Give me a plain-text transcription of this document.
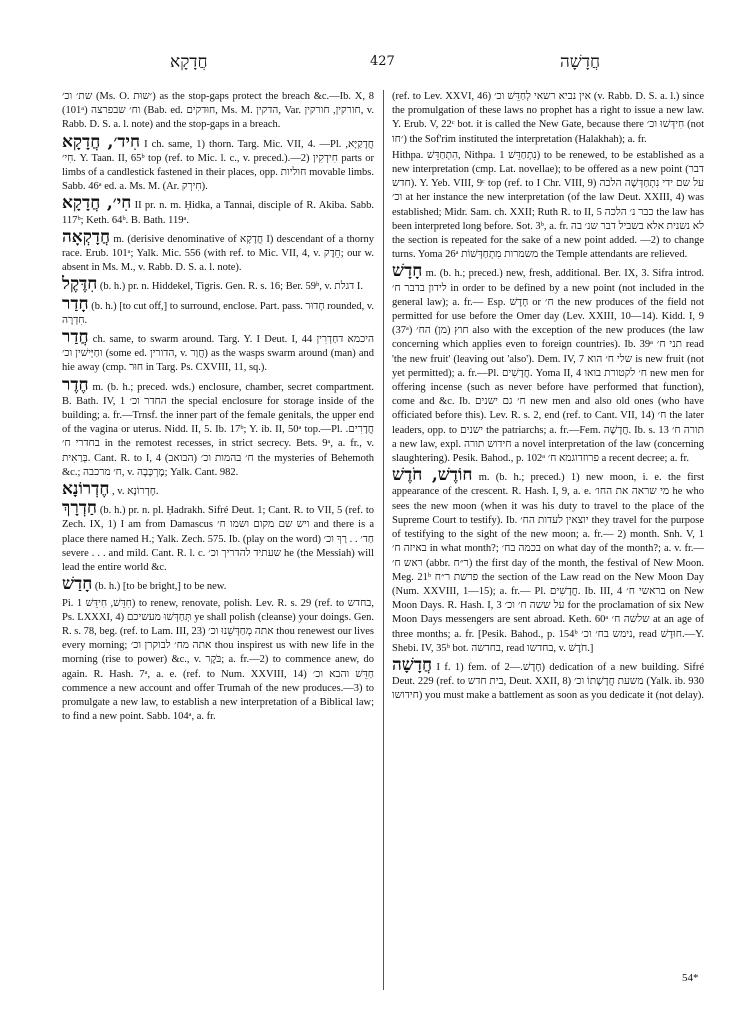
חֲדָקָא	427	חֲדָשָׁה

שת׳ וכ׳ (Ms. O. ׳שוּת) as the stop-gaps protect the breach &c.—Ib. X, 8 (101ᵃ) וח׳ שבפרצה (Bab. ed. חוּדקים, Ms. M. הדקין, Var. חורקין, חורקין, v. Rabb. D. S. a. l. note) and the stop-gaps in a breach.

חִיד׳, חֲדָקָא I ch. same, 1) thorn. Targ. Mic. VII, 4. —Pl. חֲדָקַיָּא, חִי׳. Y. Taan. II, 65ᵇ top (ref. to Mic. l. c., v. preced.).—2) חִידְקִין parts or limbs of a candlestick fastened in their places, opp. חוליות movable limbs. Sabb. 46ᵃ ed. a. Ms. M. (Ar. חִירְק).

חִי׳, חֲדָקָא II pr. n. m. Ḥidka, a Tannai, disciple of R. Akiba. Sabb. 117ᵇ; Keth. 64ᵇ. B. Bath. 119ᵃ.

חֲדָקְאָה m. (derisive denominative of חֲדָקָא I) descendant of a thorny race. Erub. 101ᵃ; Yalk. Mic. 556 (with ref. to Mic. VII, 4, v. חֵדֶק; our w. absent in Ms. M., v. Rabb. D. S. a. l. note).

חִדֶּקֶל (b. h.) pr. n. Hiddekel, Tigris. Gen. R. s. 16; Ber. 59ᵇ, v. דגלת I.

חָדַר (b. h.) [to cut off,] to surround, enclose. Part. pass. חָדוּר rounded, v. חִדְרָה.

חֲדַר ch. same, to swarm around. Targ. Y. I Deut. I, 44 היכמא דחַדְרִין וחַיְּישׁין וכ׳ (some ed. הדורין, v. חֲוַר) as the wasps swarm around (man) and hie away (cmp. חוּר in Targ. Ps. CXVIII, 11, sq.).

חֶדֶר m. (b. h.; preced. wds.) enclosure, chamber, secret compartment. B. Bath. IV, 1 החדר וכ׳ the special enclosure for storage inside of the building; a. fr.—Trnsf. the inner part of the female genitals, the upper end of the vagina or uterus. Nidd. II, 5. Ib. 17ᵇ; Y. ib. II, 50ᵃ top.—Pl. חֲדָרִים. בחדרי ח׳ in the remotest recesses, in strict secrecy. Bets. 9ᵃ, a. fr., v. בְּרַאִית. Cant. R. to I, 4 ח׳ בהמות וכ׳ (הבואב) the mysteries of Behemoth &c.; ח׳ מרכבה, v. מֶרְכָּבָה; Yalk. Cant. 982.

חֶדְרוֹנָא , v. חֶדְרוֹנָא.

חַדְרָךְ (b. h.) pr. n. pl. Ḥadrakh. Sifré Deut. 1; Cant. R. to VII, 5 (ref. to Zech. IX, 1) I am from Damascus ויש שם מקום ושמו ח׳ and there is a place there named H.; Yalk. Zech. 575. Ib. (play on the word) חַד׳ . . רַךְ וכ׳ severe . . . and mild. Cant. R. l. c. שעתיד להדריך וכ׳ he (the Messiah) will lead the entire world &c.

חָדַשׁ (b. h.) [to be bright,] to be new.

Pi. חִדֵּשׁ, חִידֵּשׁ 1) to renew, renovate, polish. Lev. R. s. 29 (ref. to בחדש, Ps. LXXXI, 4) תְּחַדְּשׁוּ מעשיכם ye shall polish (cleanse) your doings. Gen. R. s. 78, beg. (ref. to Lam. III, 23) אתה מְחַדְּשֵׁנוּ וכ׳ thou renewest our lives every morning; אתה מח׳ לבוקרן וכ׳ thou inspirest us with new life in the morning (rise to power) &c., v. בֹּקֶר; a. fr.—2) to commence anew, do again. R. Hash. 7ᵃ, a. e. (ref. to Num. XXVIII, 14) חַדֵּשׁ והבא וכ׳ commence a new account and offer Trumah of the new produces.—3) to promulgate a new law, to establish a new interpretation of a Biblical law; to find a new point. Sabb. 104ᵃ, a. fr.

(ref. to Lev. XXVI, 46) אין נביא רשאי לְחַדֵּשׁ וכ׳ (v. Rabb. D. S. a. l.) since the promulgation of these laws no prophet has a right to issue a new law. Y. Erub. V, 22ᶜ bot. it is called the New Gate, because there חִידְּשׁוּ וכ׳ (not ׳חו) the Sof'rim instituted the interpretation (Halakhah); a. fr.

Hithpa. הִתְחַדֵּשׁ, Nithpa. נִתְחַדֵּשׁ 1) to be renewed, to be established as a new interpretation (cmp. Lat. novellae); to be offered as a new point (דבר חדש). Y. Yeb. VIII, 9ᶜ top (ref. to I Chr. VIII, 9) על שם ידי נִתְחַדְּשָׁה הלכה וכ׳ at her instance the new interpretation (of the law Deut. XXIII, 4) was established; Midr. Sam. ch. XXII; Ruth R. to II, 5 כבר נ׳ הלכה the law has been interpreted long before. Sot. 3ᵇ, a. fr. לא נשנית אלא בשביל דבר שנ׳ בה the section is repeated for the sake of a new point added. —2) to change turns. Yoma 26ᵃ משמרות מִתְחַדְּשׁוֹת the Temple attendants are relieved.

חָדָשׁ m. (b. h.; preced.) new, fresh, additional. Ber. IX, 3. Sifra introd. לידון בדבר ח׳ in order to be defined by a new point (not included in the general law); a. fr.— Esp. חָדָשׁ or ח׳ the new produces of the field not permitted for use before the Omer day (Lev. XXIII, 10—14). Kidd. I, 9 (37ᵃ) חוץ (מן) הח׳ also with the exception of the new produces (the law concerning which applies even to foreign countries). Ib. 39ᵃ תני ח׳ read 'the new fruit' (leaving out 'also'). Dem. IV, 7 שלי ח׳ הוא is new fruit (not yet permitted); a. fr.—Pl. חֲדָשִׁים. Yoma II, 4 ח׳ לקטורת בואו new men for offering incense (such as never before have performed that function), come and &c. Ib. ח׳ גם ישנים new men and also old ones (who have officiated before this). Lev. R. s. 2, end (ref. to Cant. VII, 14) ח׳ the later leaders, opp. to ישנים the patriarchs; a. fr.—Fem. חֲדָשָׁה. Ib. s. 13 תורה ח׳ a new law, expl. חידוש תורה a novel interpretation of the law (concerning slaughtering). Pesik. Bahod., p. 102ᵃ פרוזדוגמא ח׳ a recent decree; a. fr.

חוֹדֶשׁ, חֹדֶשׁ m. (b. h.; preced.) 1) new moon, i. e. the first appearance of the crescent. R. Hash. I, 9, a. e. מי שראה את החו׳ he who sees the new moon (when it was his duty to travel to the place of the Supreme Court to testify). Ib. יוצאין לעדות הח׳ they travel for the purpose of testifying to the sight of the new moon; a. fr.— 2) month. Snh. V, 1 באיזה ח׳ in what month?; בכמה בח׳ on what day of the month?; a. v. fr.—ראש ח׳ (abbr. ר״ח) the first day of the month, the festival of New Moon. Meg. 21ᵇ פרשת ר״ח the section of the Law read on the New Moon Day (Num. XXVIII, 1—15); a. fr.— Pl. חֳדָשִׁים. Ib. III, 4 בראשי ח׳ on New Moon Days. R. Hash. I, 3 על ששה ח׳ וכ׳ for the proclamation of six New Moon Days messengers are sent abroad. Keth. 60ᵃ שלשה ח׳ at an age of three months; a. fr. [Pesik. Bahod., p. 154ᵇ נימש בח׳ וכ׳, read חוּדָשׁ.—Y. Shebi. IV, 35ᵇ bot. בחדשה, read בחדשו, v. חֹדֶשׁ.]

חֲדָשָׁה I f. 1) fem. of חָדָשׁ.—2) dedication of a new building. Sifré Deut. 229 (ref. to בית חדש, Deut. XXII, 8) משעת חֲדָשָׁתוֹ וכ׳ (Yalk. ib. 930 חידושו) you must make a battlement as soon as you dedicate it (not delay).

54*
